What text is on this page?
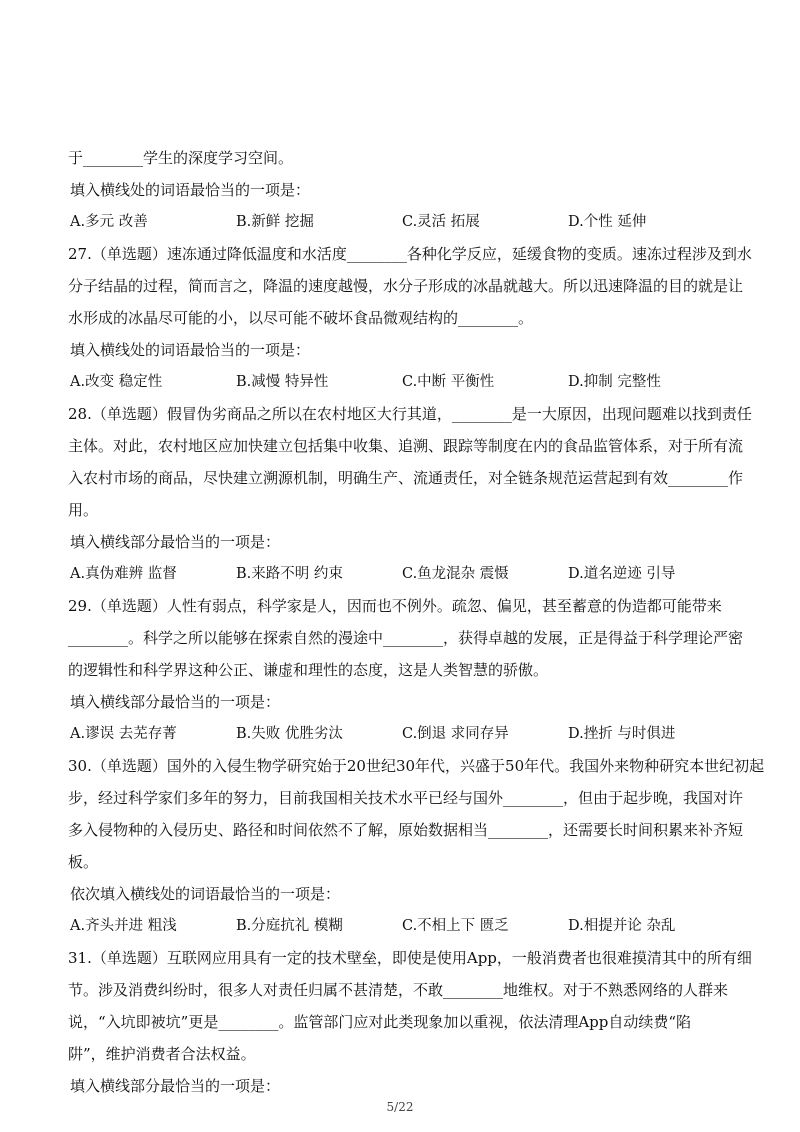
于________学生的深度学习空间。
填入横线处的词语最恰当的一项是：
A.多元 改善	B.新鲜 挖掘	C.灵活 拓展	D.个性 延伸
27.（单选题）速冻通过降低温度和水活度________各种化学反应，延缓食物的变质。速冻过程涉及到水
分子结晶的过程，简而言之，降温的速度越慢，水分子形成的冰晶就越大。所以迅速降温的目的就是让
水形成的冰晶尽可能的小，以尽可能不破坏食品微观结构的________。
填入横线处的词语最恰当的一项是：
A.改变 稳定性	B.减慢 特异性	C.中断 平衡性	D.抑制 完整性
28.（单选题）假冒伪劣商品之所以在农村地区大行其道，________是一大原因，出现问题难以找到责任
主体。对此，农村地区应加快建立包括集中收集、追溯、跟踪等制度在内的食品监管体系，对于所有流
入农村市场的商品，尽快建立溯源机制，明确生产、流通责任，对全链条规范运营起到有效________作
用。
填入横线部分最恰当的一项是：
A.真伪难辨 监督	B.来路不明 约束	C.鱼龙混杂 震慑	D.道名逆迹 引导
29.（单选题）人性有弱点，科学家是人，因而也不例外。疏忽、偏见，甚至蓄意的伪造都可能带来
________。科学之所以能够在探索自然的漫途中________，获得卓越的发展，正是得益于科学理论严密
的逻辑性和科学界这种公正、谦虚和理性的态度，这是人类智慧的骄傲。
填入横线部分最恰当的一项是：
A.谬误 去芜存菁	B.失败 优胜劣汰	C.倒退 求同存异	D.挫折 与时俱进
30.（单选题）国外的入侵生物学研究始于20世纪30年代，兴盛于50年代。我国外来物种研究本世纪初起
步，经过科学家们多年的努力，目前我国相关技术水平已经与国外________，但由于起步晚，我国对许
多入侵物种的入侵历史、路径和时间依然不了解，原始数据相当________，还需要长时间积累来补齐短
板。
依次填入横线处的词语最恰当的一项是：
A.齐头并进 粗浅	B.分庭抗礼 模糊	C.不相上下 匮乏	D.相提并论 杂乱
31.（单选题）互联网应用具有一定的技术壁垒，即使是使用App，一般消费者也很难摸清其中的所有细
节。涉及消费纠纷时，很多人对责任归属不甚清楚，不敢________地维权。对于不熟悉网络的人群来
说，“入坑即被坑”更是________。监管部门应对此类现象加以重视，依法清理App自动续费“陷
阱”，维护消费者合法权益。
填入横线部分最恰当的一项是：
5/22
